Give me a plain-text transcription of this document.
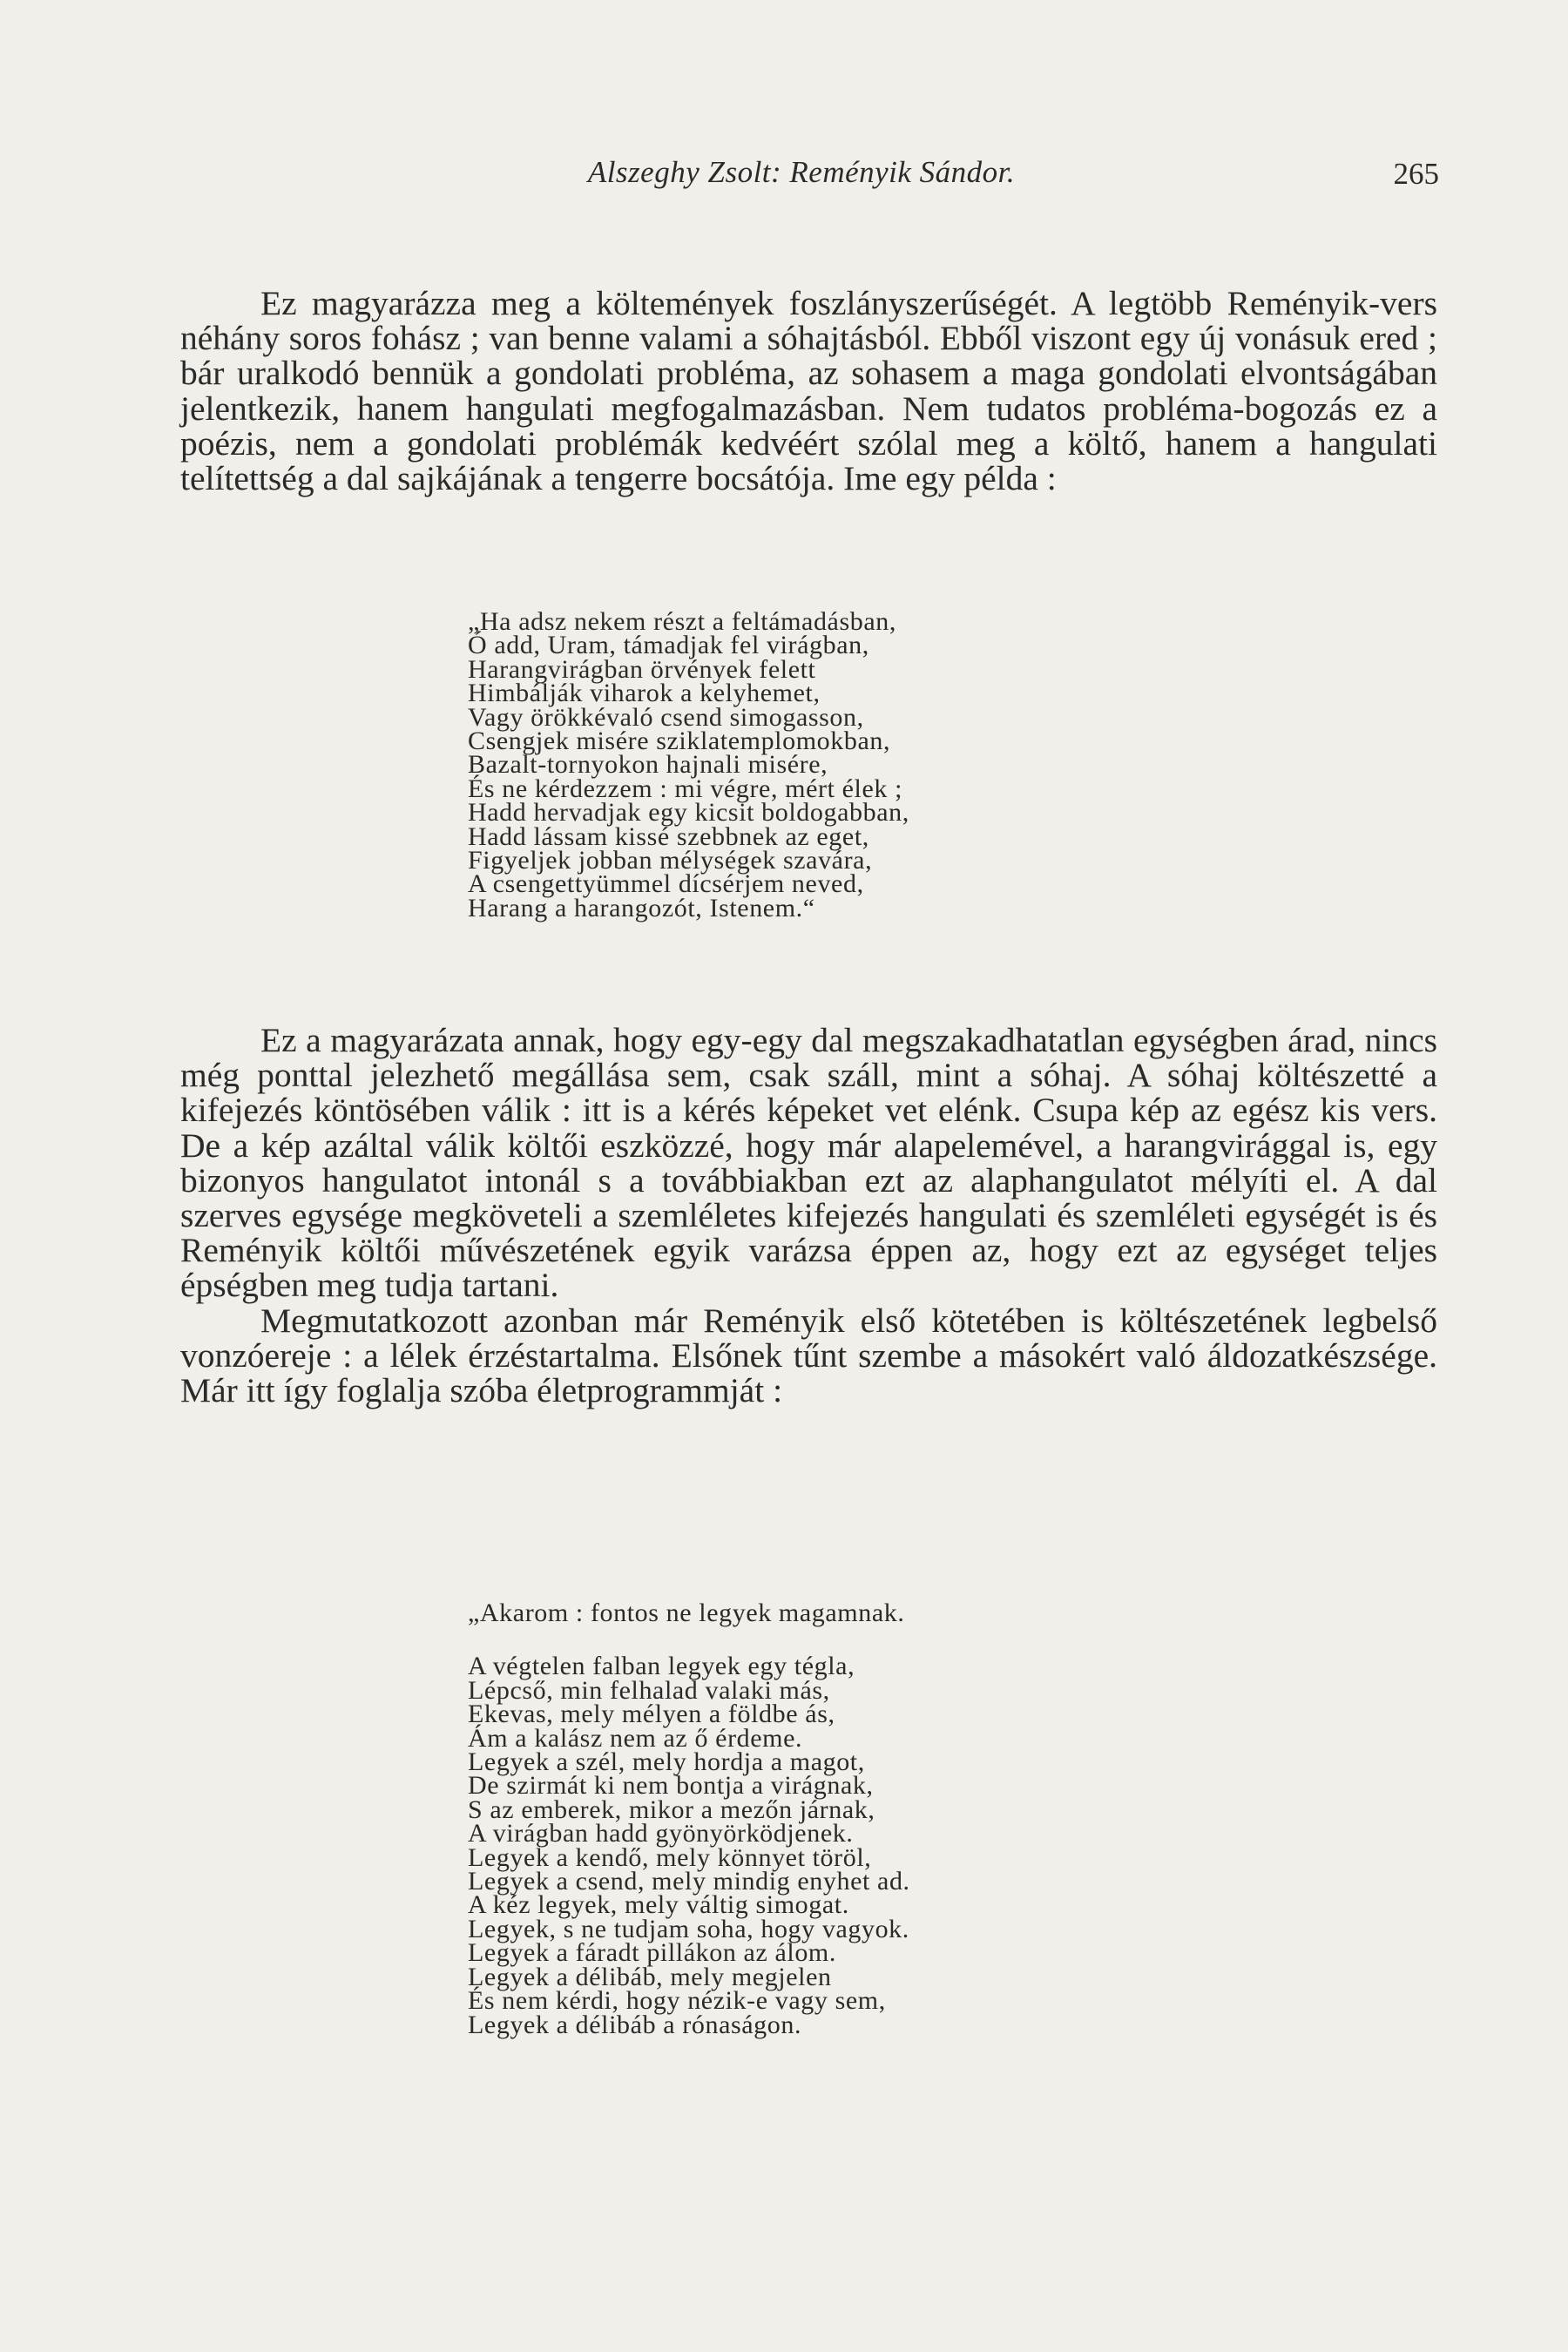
Alszeghy Zsolt: Reményik Sándor.	265

Ez magyarázza meg a költemények foszlányszerűségét. A legtöbb Reményik-vers néhány soros fohász ; van benne valami a sóhajtásból. Ebből viszont egy új vonásuk ered ; bár uralkodó bennük a gondolati probléma, az sohasem a maga gondolati elvontságában jelentkezik, hanem hangulati megfogalmazásban. Nem tudatos probléma-bogozás ez a poézis, nem a gondolati problémák kedvéért szólal meg a költő, hanem a hangulati telítettség a dal sajkájának a tengerre bocsátója. Ime egy példa :

„Ha adsz nekem részt a feltámadásban,
Ó add, Uram, támadjak fel virágban,
Harangvirágban örvények felett
Himbálják viharok a kelyhemet,
Vagy örökkévaló csend simogasson,
Csengjek misére sziklatemplomokban,
Bazalt-tornyokon hajnali misére,
És ne kérdezzem : mi végre, mért élek ;
Hadd hervadjak egy kicsit boldogabban,
Hadd lássam kissé szebbnek az eget,
Figyeljek jobban mélységek szavára,
A csengettyümmel dícsérjem neved,
Harang a harangozót, Istenem.“

Ez a magyarázata annak, hogy egy-egy dal megszakadhatatlan egységben árad, nincs még ponttal jelezhető megállása sem, csak száll, mint a sóhaj. A sóhaj költészetté a kifejezés köntösében válik : itt is a kérés képeket vet elénk. Csupa kép az egész kis vers. De a kép azáltal válik költői eszközzé, hogy már alapelemével, a harangvirággal is, egy bizonyos hangulatot intonál s a továbbiakban ezt az alaphangulatot mélyíti el. A dal szerves egysége megköveteli a szemléletes kifejezés hangulati és szemléleti egységét is és Reményik költői művészetének egyik varázsa éppen az, hogy ezt az egységet teljes épségben meg tudja tartani.

Megmutatkozott azonban már Reményik első kötetében is költészetének legbelső vonzóereje : a lélek érzéstartalma. Elsőnek tűnt szembe a másokért való áldozatkészsége. Már itt így foglalja szóba életprogrammját :

„Akarom : fontos ne legyek magamnak.
A végtelen falban legyek egy tégla,
Lépcső, min felhalad valaki más,
Ekevas, mely mélyen a földbe ás,
Ám a kalász nem az ő érdeme.
Legyek a szél, mely hordja a magot,
De szirmát ki nem bontja a virágnak,
S az emberek, mikor a mezőn járnak,
A virágban hadd gyönyörködjenek.
Legyek a kendő, mely könnyet töröl,
Legyek a csend, mely mindig enyhet ad.
A kéz legyek, mely váltig simogat.
Legyek, s ne tudjam soha, hogy vagyok.
Legyek a fáradt pillákon az álom.
Legyek a délibáb, mely megjelen
És nem kérdi, hogy nézik-e vagy sem,
Legyek a délibáb a rónaságon.
